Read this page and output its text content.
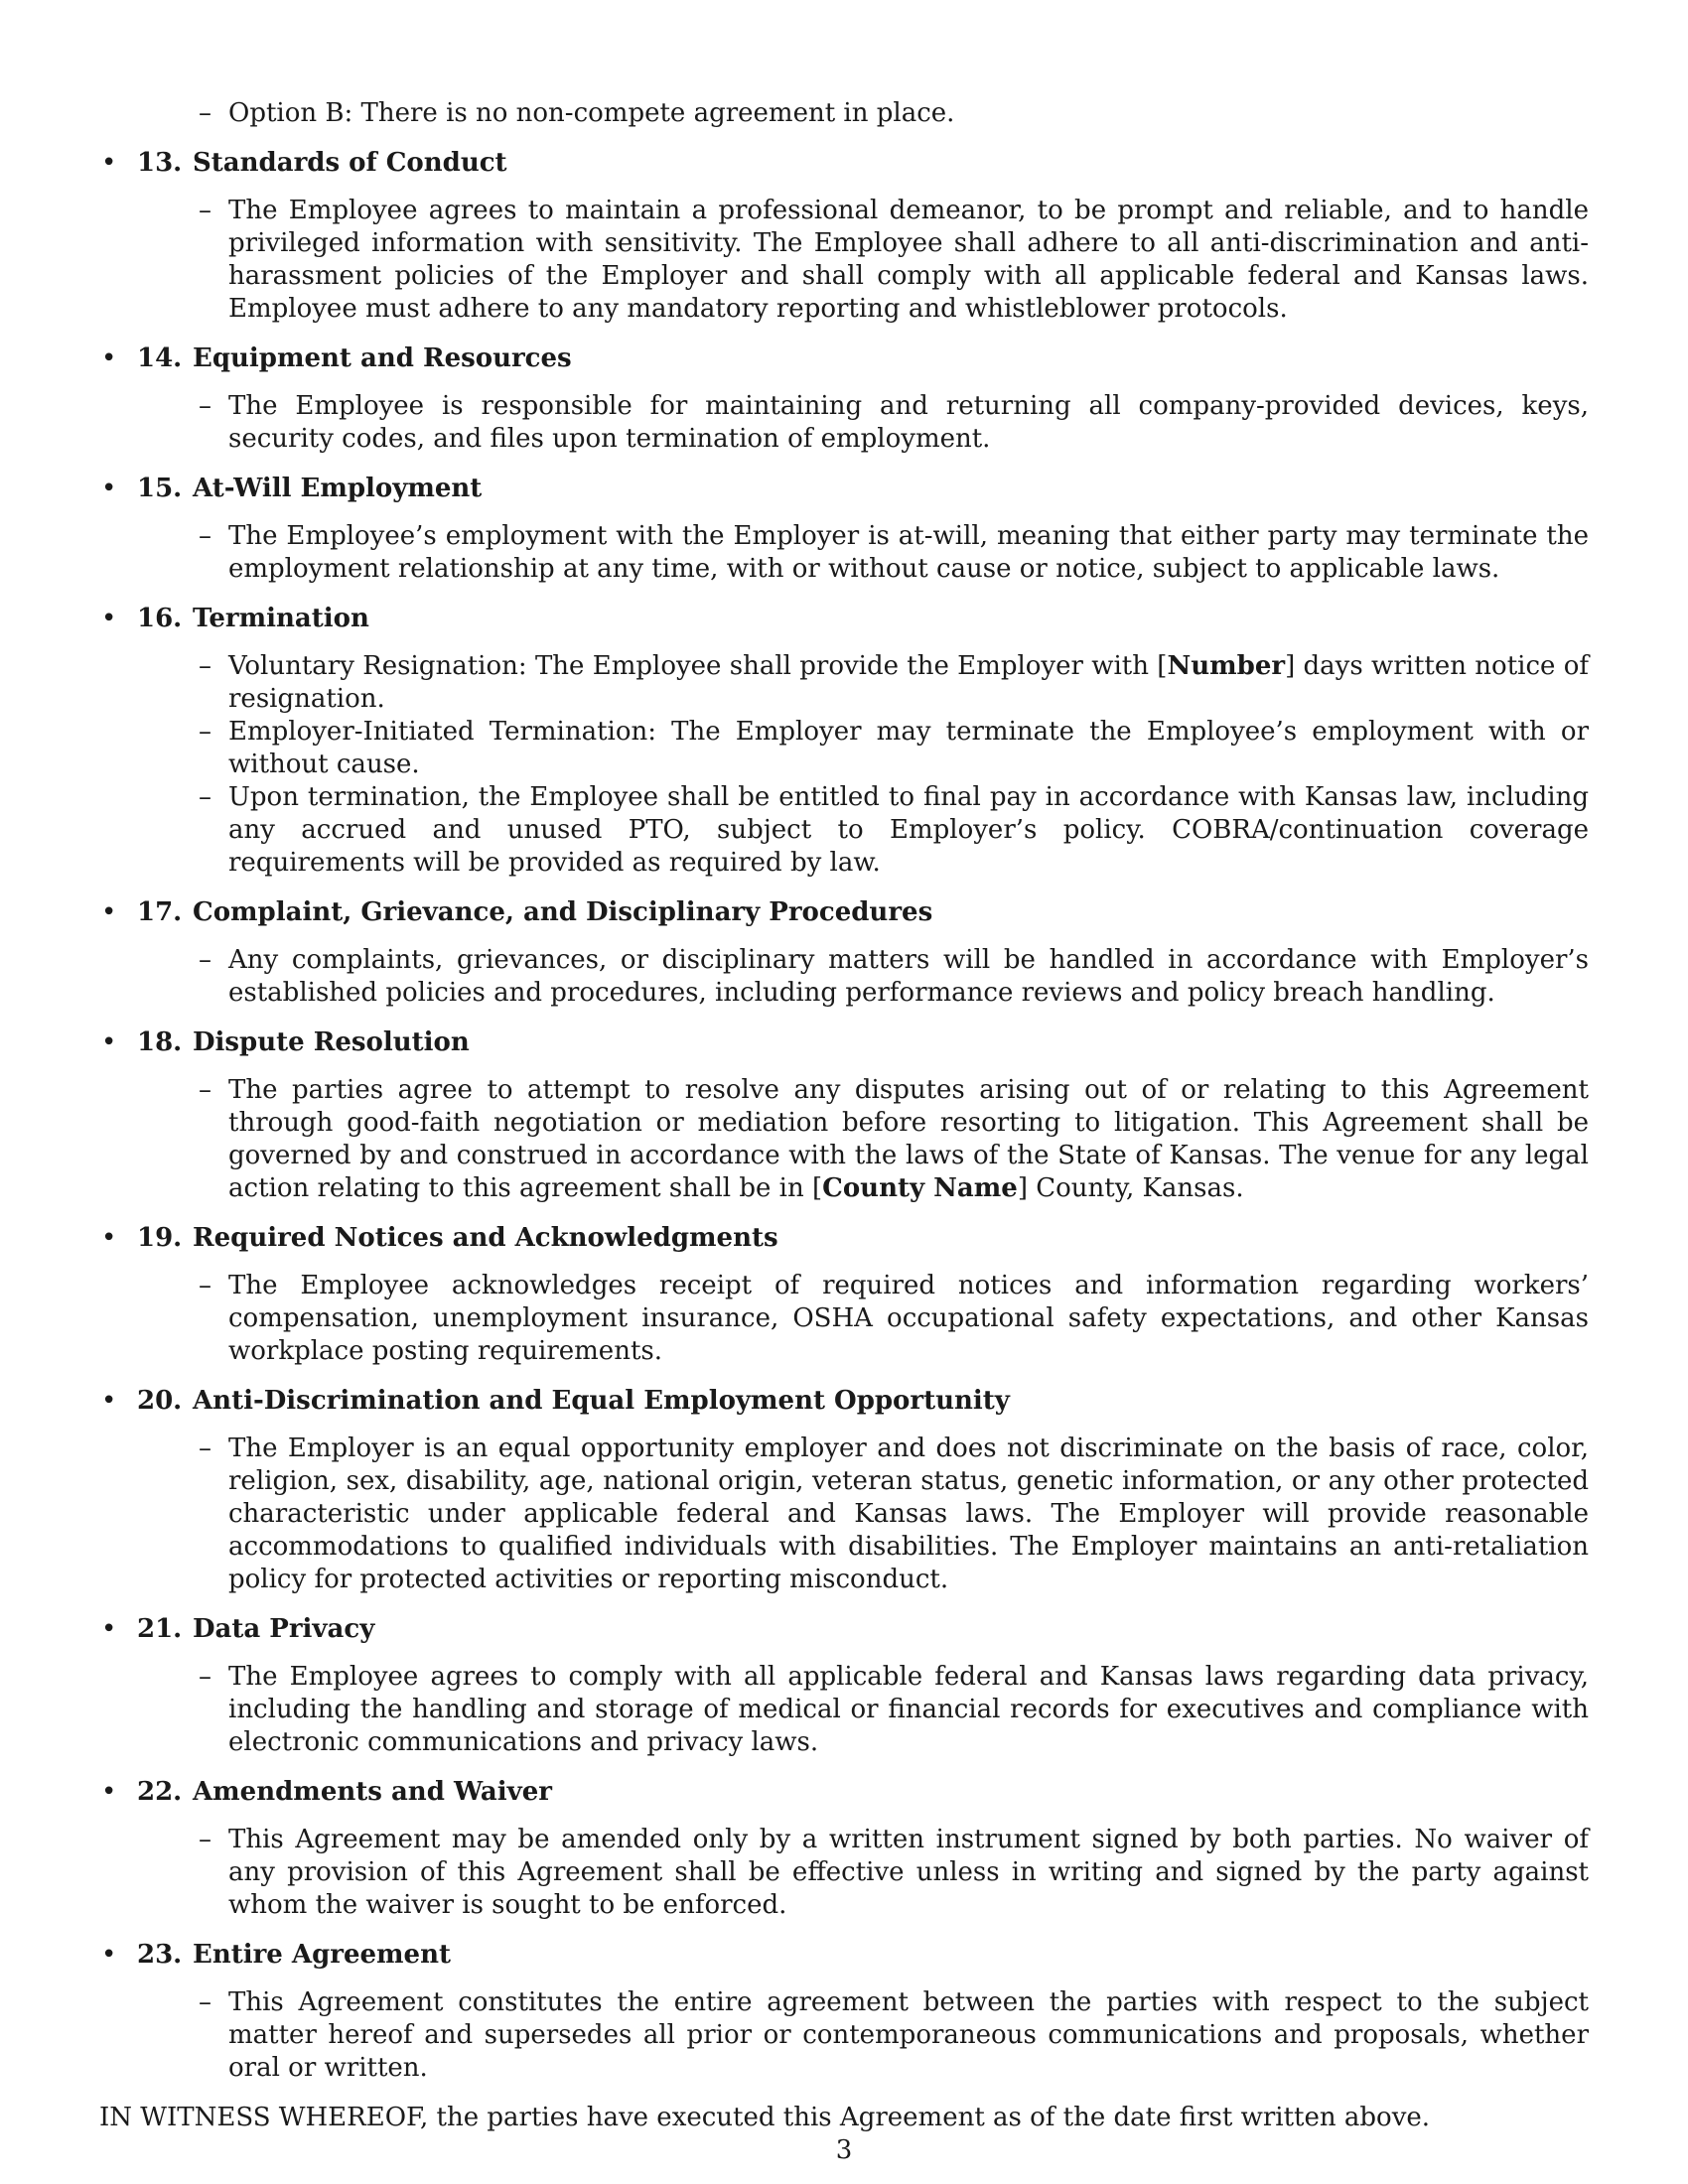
– Option B: There is no non-compete agreement in place.
• 13. Standards of Conduct
– The Employee agrees to maintain a professional demeanor, to be prompt and reliable, and to handle privileged information with sensitivity. The Employee shall adhere to all anti-discrimination and anti-harassment policies of the Employer and shall comply with all applicable federal and Kansas laws. Employee must adhere to any mandatory reporting and whistleblower protocols.
• 14. Equipment and Resources
– The Employee is responsible for maintaining and returning all company-provided devices, keys, security codes, and files upon termination of employment.
• 15. At-Will Employment
– The Employee’s employment with the Employer is at-will, meaning that either party may terminate the employment relationship at any time, with or without cause or notice, subject to applicable laws.
• 16. Termination
– Voluntary Resignation: The Employee shall provide the Employer with [Number] days written notice of resignation.
– Employer-Initiated Termination: The Employer may terminate the Employee’s employment with or without cause.
– Upon termination, the Employee shall be entitled to final pay in accordance with Kansas law, including any accrued and unused PTO, subject to Employer’s policy. COBRA/continuation coverage requirements will be provided as required by law.
• 17. Complaint, Grievance, and Disciplinary Procedures
– Any complaints, grievances, or disciplinary matters will be handled in accordance with Employer’s established policies and procedures, including performance reviews and policy breach handling.
• 18. Dispute Resolution
– The parties agree to attempt to resolve any disputes arising out of or relating to this Agreement through good-faith negotiation or mediation before resorting to litigation. This Agreement shall be governed by and construed in accordance with the laws of the State of Kansas. The venue for any legal action relating to this agreement shall be in [County Name] County, Kansas.
• 19. Required Notices and Acknowledgments
– The Employee acknowledges receipt of required notices and information regarding workers’ compensation, unemployment insurance, OSHA occupational safety expectations, and other Kansas workplace posting requirements.
• 20. Anti-Discrimination and Equal Employment Opportunity
– The Employer is an equal opportunity employer and does not discriminate on the basis of race, color, religion, sex, disability, age, national origin, veteran status, genetic information, or any other protected characteristic under applicable federal and Kansas laws. The Employer will provide reasonable accommodations to qualified individuals with disabilities. The Employer maintains an anti-retaliation policy for protected activities or reporting misconduct.
• 21. Data Privacy
– The Employee agrees to comply with all applicable federal and Kansas laws regarding data privacy, including the handling and storage of medical or financial records for executives and compliance with electronic communications and privacy laws.
• 22. Amendments and Waiver
– This Agreement may be amended only by a written instrument signed by both parties. No waiver of any provision of this Agreement shall be effective unless in writing and signed by the party against whom the waiver is sought to be enforced.
• 23. Entire Agreement
– This Agreement constitutes the entire agreement between the parties with respect to the subject matter hereof and supersedes all prior or contemporaneous communications and proposals, whether oral or written.
IN WITNESS WHEREOF, the parties have executed this Agreement as of the date first written above.
3
